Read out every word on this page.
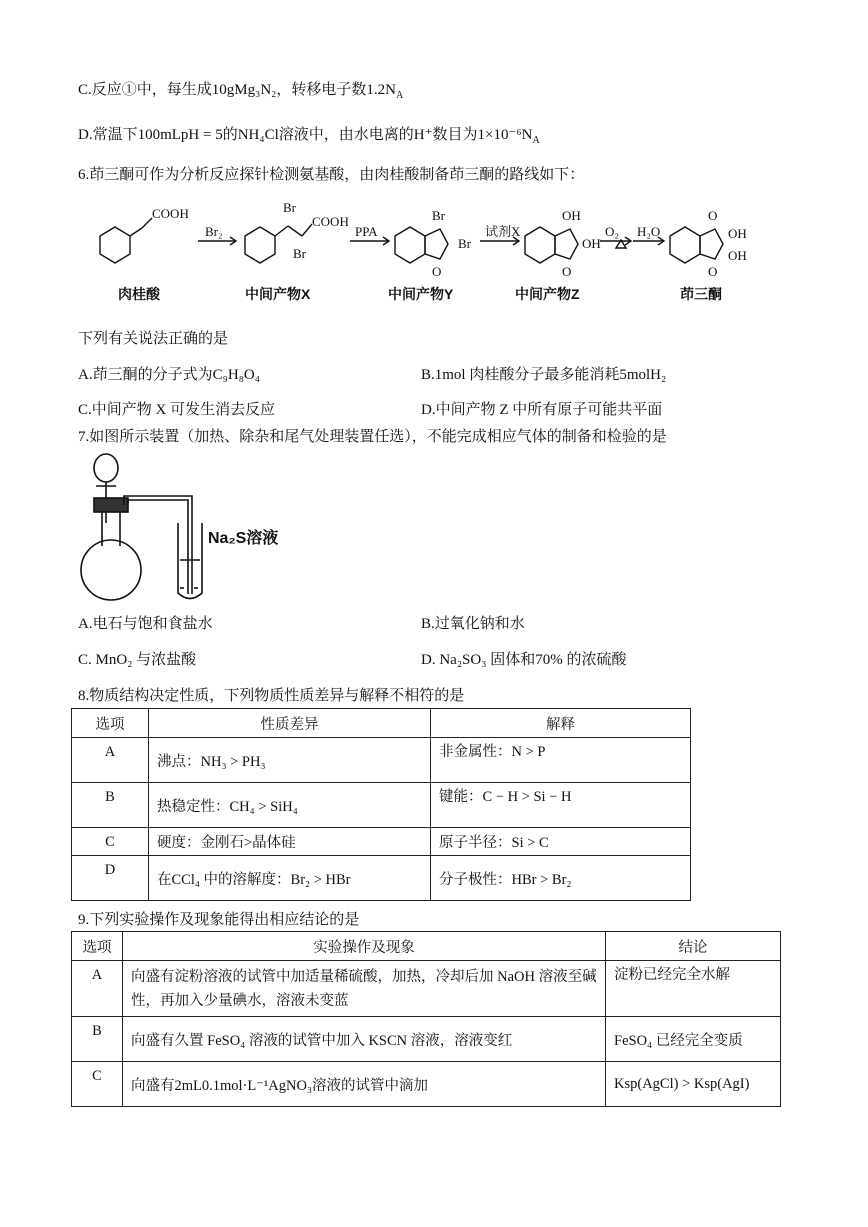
C.反应①中，每生成10gMg₃N₂，转移电子数$1.2N_A$
D.常温下100mLpH = 5的NH₄Cl溶液中，由水电离的H⁺数目为$1\times 10^{-6}N_A$
6.茚三酮可作为分析反应探针检测氨基酸，由肉桂酸制备茚三酮的路线如下：
COOH	Br
Br
COOH	Br
Br
O
OH
OH
O
O
OH
OH
O
Br₂	PPA	试剂X	O₂ H₂O
肉桂酸	中间产物X	中间产物Y	中间产物Z	茚三酮
下列有关说法正确的是
A.茚三酮的分子式为C₉H₈O₄	B.1mol 肉桂酸分子最多能消耗5molH₂
C.中间产物 X 可发生消去反应	D.中间产物 Z 中所有原子可能共平面
7.如图所示装置（加热、除杂和尾气处理装置任选），不能完成相应气体的制备和检验的是
Na₂S溶液
A.电石与饱和食盐水	B.过氧化钠和水
C. MnO₂ 与浓盐酸	D. Na₂SO₃ 固体和70% 的浓硫酸
8.物质结构决定性质，下列物质性质差异与解释不相符的是
选项	性质差异	解释
A	沸点：NH₃ > PH₃	非金属性：N > P
B	热稳定性：CH₄ > SiH₄	键能：C − H > Si − H
C	硬度：金刚石>晶体硅	原子半径：Si > C
D	在CCl₄ 中的溶解度：Br₂ > HBr	分子极性：HBr > Br₂
9.下列实验操作及现象能得出相应结论的是
选项	实验操作及现象	结论
A	向盛有淀粉溶液的试管中加适量稀硫酸，加热，冷却后加 NaOH 溶液至碱性，再加入少量碘水，溶液未变蓝	淀粉已经完全水解
B	向盛有久置 FeSO₄ 溶液的试管中加入 KSCN 溶液，溶液变红	FeSO₄ 已经完全变质
C	向盛有2mL0.1mol·L⁻¹AgNO₃溶液的试管中滴加	Ksp(AgCl) > Ksp(AgI)
